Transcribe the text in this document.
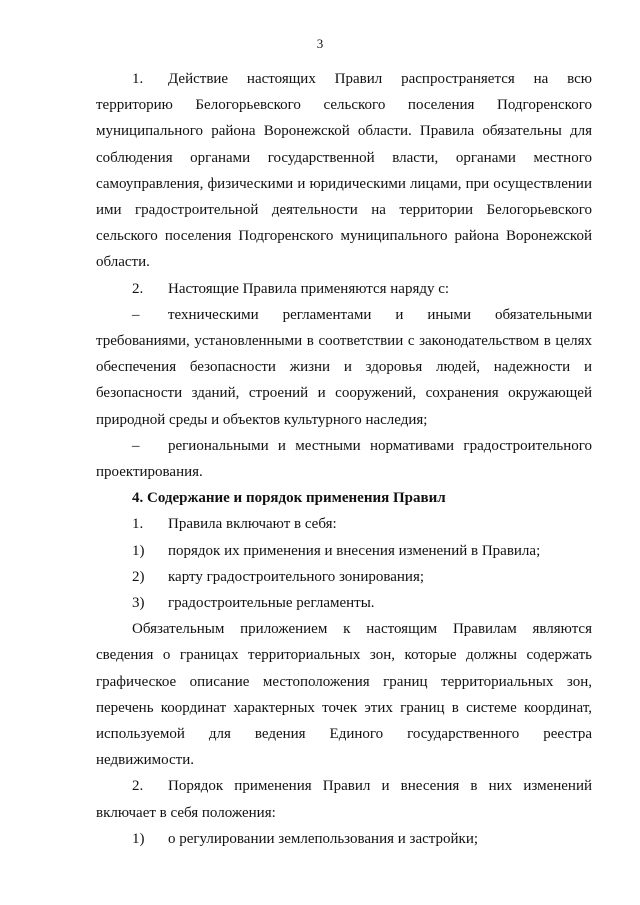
3
1.	Действие настоящих Правил распространяется на всю

территорию Белогорьевского сельского поселения Подгоренского муниципального района Воронежской области. Правила обязательны для соблюдения органами государственной власти, органами местного самоуправления, физическими и юридическими лицами, при осуществлении ими градостроительной деятельности на территории Белогорьевского сельского поселения Подгоренского муниципального района Воронежской области.

2.	Настоящие Правила применяются наряду с:
–	техническими регламентами и иными обязательными

требованиями, установленными в соответствии с законодательством в целях обеспечения безопасности жизни и здоровья людей, надежности и безопасности зданий, строений и сооружений, сохранения окружающей природной среды и объектов культурного наследия;

–	региональными и местными нормативами градостроительного

проектирования.

4. Содержание и порядок применения Правил

1.	Правила включают в себя:
1)	порядок их применения и внесения изменений в Правила;
2)	карту градостроительного зонирования;
3)	градостроительные регламенты.

Обязательным приложением к настоящим Правилам являются сведения о границах территориальных зон, которые должны содержать графическое описание местоположения границ территориальных зон, перечень координат характерных точек этих границ в системе координат, используемой для ведения Единого государственного реестра недвижимости.

2.	Порядок применения Правил и внесения в них изменений

включает в себя положения:

1)	о регулировании землепользования и застройки;
